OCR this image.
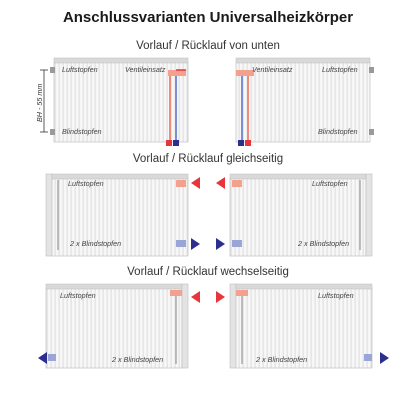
Anschlussvarianten Universalheizkörper
Vorlauf / Rücklauf von unten
Vorlauf / Rücklauf gleichseitig
Vorlauf / Rücklauf wechselseitig
BH - 55 mm
Luftstopfen	Ventileinsatz
Blindstopfen
Ventileinsatz	Luftstopfen
Blindstopfen
Luftstopfen
2 x Blindstopfen
Luftstopfen
2 x Blindstopfen
Luftstopfen
2 x Blindstopfen
Luftstopfen
2 x Blindstopfen
